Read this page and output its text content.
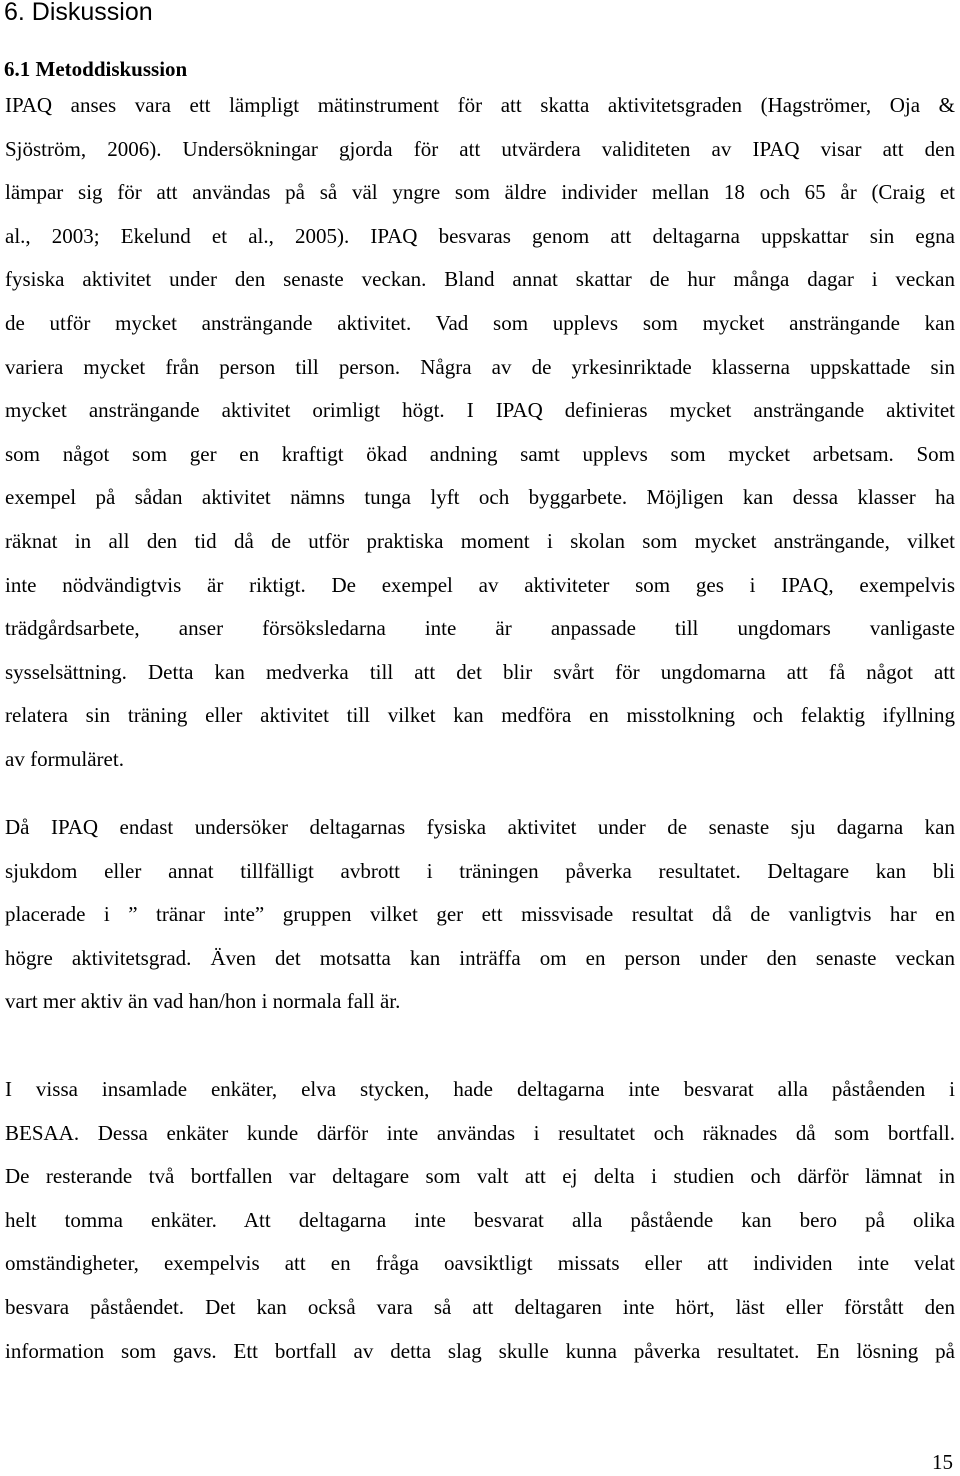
6. Diskussion
6.1 Metoddiskussion
IPAQ anses vara ett lämpligt mätinstrument för att skatta aktivitetsgraden (Hagströmer, Oja &
Sjöström, 2006). Undersökningar gjorda för att utvärdera validiteten av IPAQ visar att den
lämpar sig för att användas på så väl yngre som äldre individer mellan 18 och 65 år (Craig et
al., 2003; Ekelund et al., 2005). IPAQ besvaras genom att deltagarna uppskattar sin egna
fysiska aktivitet under den senaste veckan. Bland annat skattar de hur många dagar i veckan
de utför mycket ansträngande aktivitet. Vad som upplevs som mycket ansträngande kan
variera mycket från person till person. Några av de yrkesinriktade klasserna uppskattade sin
mycket ansträngande aktivitet orimligt högt. I IPAQ definieras mycket ansträngande aktivitet
som något som ger en kraftigt ökad andning samt upplevs som mycket arbetsam. Som
exempel på sådan aktivitet nämns tunga lyft och byggarbete. Möjligen kan dessa klasser ha
räknat in all den tid då de utför praktiska moment i skolan som mycket ansträngande, vilket
inte nödvändigtvis är riktigt. De exempel av aktiviteter som ges i IPAQ, exempelvis
trädgårdsarbete, anser försöksledarna inte är anpassade till ungdomars vanligaste
sysselsättning. Detta kan medverka till att det blir svårt för ungdomarna att få något att
relatera sin träning eller aktivitet till vilket kan medföra en misstolkning och felaktig ifyllning
av formuläret.
Då IPAQ endast undersöker deltagarnas fysiska aktivitet under de senaste sju dagarna kan
sjukdom eller annat tillfälligt avbrott i träningen påverka resultatet. Deltagare kan bli
placerade i ” tränar inte” gruppen vilket ger ett missvisade resultat då de vanligtvis har en
högre aktivitetsgrad. Även det motsatta kan inträffa om en person under den senaste veckan
vart mer aktiv än vad han/hon i normala fall är.
I vissa insamlade enkäter, elva stycken, hade deltagarna inte besvarat alla påståenden i
BESAA. Dessa enkäter kunde därför inte användas i resultatet och räknades då som bortfall.
De resterande två bortfallen var deltagare som valt att ej delta i studien och därför lämnat in
helt tomma enkäter. Att deltagarna inte besvarat alla påstående kan bero på olika
omständigheter, exempelvis att en fråga oavsiktligt missats eller att individen inte velat
besvara påståendet. Det kan också vara så att deltagaren inte hört, läst eller förstått den
information som gavs. Ett bortfall av detta slag skulle kunna påverka resultatet. En lösning på
15
